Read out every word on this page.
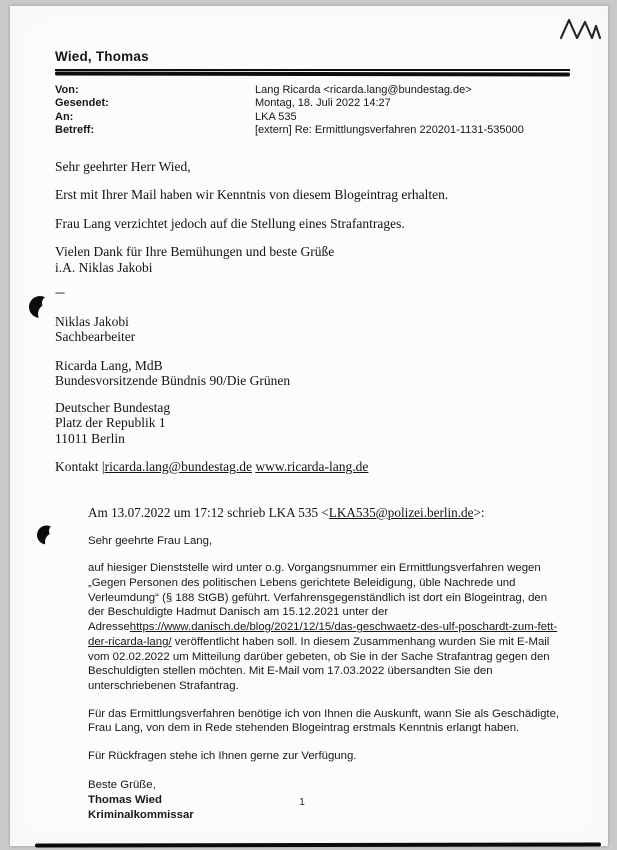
Wied, Thomas
Von:	Lang Ricarda <ricarda.lang@bundestag.de>
Gesendet:	Montag, 18. Juli 2022 14:27
An:	LKA 535
Betreff:	[extern] Re: Ermittlungsverfahren 220201-1131-535000
Sehr geehrter Herr Wied,
Erst mit Ihrer Mail haben wir Kenntnis von diesem Blogeintrag erhalten.
Frau Lang verzichtet jedoch auf die Stellung eines Strafantrages.
Vielen Dank für Ihre Bemühungen und beste Grüße
i.A. Niklas Jakobi
---
Niklas Jakobi
Sachbearbeiter
Ricarda Lang, MdB
Bundesvorsitzende Bündnis 90/Die Grünen
Deutscher Bundestag
Platz der Republik 1
11011 Berlin
Kontakt |ricarda.lang@bundestag.de www.ricarda-lang.de
Am 13.07.2022 um 17:12 schrieb LKA 535 <LKA535@polizei.berlin.de>:
Sehr geehrte Frau Lang,
auf hiesiger Dienststelle wird unter o.g. Vorgangsnummer ein Ermittlungsverfahren wegen „Gegen Personen des politischen Lebens gerichtete Beleidigung, üble Nachrede und Verleumdung“ (§ 188 StGB) geführt. Verfahrensgegenständlich ist dort ein Blogeintrag, den der Beschuldigte Hadmut Danisch am 15.12.2021 unter der Adressehttps://www.danisch.de/blog/2021/12/15/das-geschwaetz-des-ulf-poschardt-zum-fett-der-ricarda-lang/ veröffentlicht haben soll. In diesem Zusammenhang wurden Sie mit E-Mail vom 02.02.2022 um Mitteilung darüber gebeten, ob Sie in der Sache Strafantrag gegen den Beschuldigten stellen möchten. Mit E-Mail vom 17.03.2022 übersandten Sie den unterschriebenen Strafantrag.
Für das Ermittlungsverfahren benötige ich von Ihnen die Auskunft, wann Sie als Geschädigte, Frau Lang, von dem in Rede stehenden Blogeintrag erstmals Kenntnis erlangt haben.
Für Rückfragen stehe ich Ihnen gerne zur Verfügung.
Beste Grüße,
Thomas Wied
Kriminalkommissar
1
